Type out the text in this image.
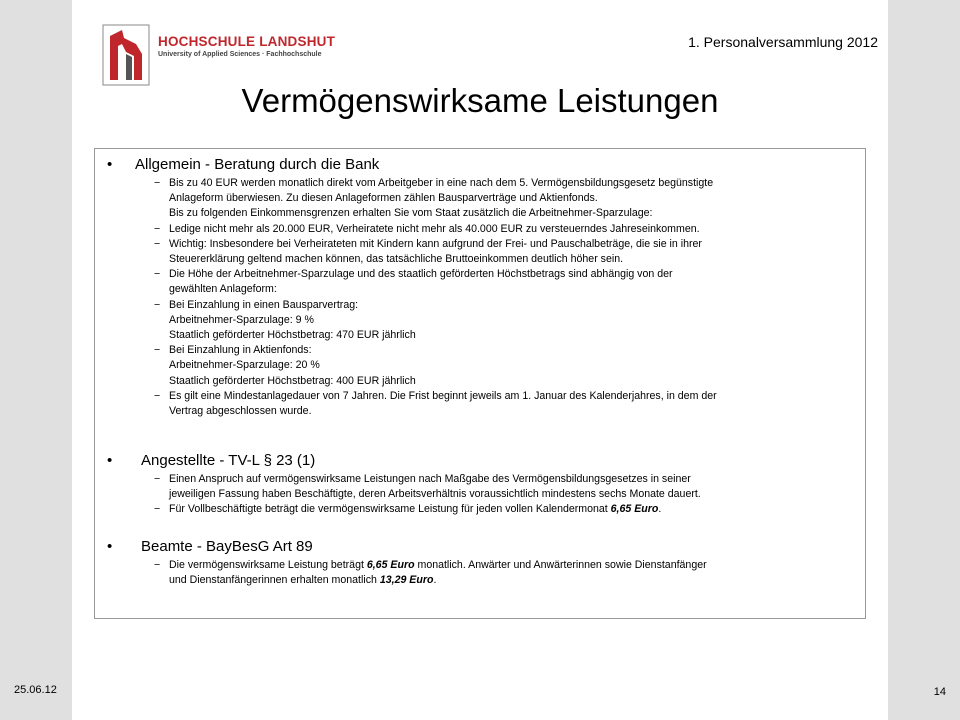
HOCHSCHULE LANDSHUT
University of Applied Sciences · Fachhochschule
1. Personalversammlung 2012
Vermögenswirksame Leistungen
• Allgemein - Beratung durch die Bank
− Bis zu 40 EUR werden monatlich direkt vom Arbeitgeber in eine nach dem 5. Vermögensbildungsgesetz begünstigte
Anlageform überwiesen. Zu diesen Anlageformen zählen Bausparverträge und Aktienfonds.
Bis zu folgenden Einkommensgrenzen erhalten Sie vom Staat zusätzlich die Arbeitnehmer-Sparzulage:
− Ledige nicht mehr als 20.000 EUR, Verheiratete nicht mehr als 40.000 EUR zu versteuerndes Jahreseinkommen.
− Wichtig: Insbesondere bei Verheirateten mit Kindern kann aufgrund der Frei- und Pauschalbeträge, die sie in ihrer
Steuererklärung geltend machen können, das tatsächliche Bruttoeinkommen deutlich höher sein.
− Die Höhe der Arbeitnehmer-Sparzulage und des staatlich geförderten Höchstbetrags sind abhängig von der
gewählten Anlageform:
− Bei Einzahlung in einen Bausparvertrag:
Arbeitnehmer-Sparzulage: 9 %
Staatlich geförderter Höchstbetrag: 470 EUR jährlich
− Bei Einzahlung in Aktienfonds:
Arbeitnehmer-Sparzulage: 20 %
Staatlich geförderter Höchstbetrag: 400 EUR jährlich
− Es gilt eine Mindestanlagedauer von 7 Jahren. Die Frist beginnt jeweils am 1. Januar des Kalenderjahres, in dem der
Vertrag abgeschlossen wurde.
• Angestellte - TV-L § 23 (1)
− Einen Anspruch auf vermögenswirksame Leistungen nach Maßgabe des Vermögensbildungsgesetzes in seiner
jeweiligen Fassung haben Beschäftigte, deren Arbeitsverhältnis voraussichtlich mindestens sechs Monate dauert.
− Für Vollbeschäftigte beträgt die vermögenswirksame Leistung für jeden vollen Kalendermonat 6,65 Euro.
• Beamte - BayBesG Art 89
− Die vermögenswirksame Leistung beträgt 6,65 Euro monatlich. Anwärter und Anwärterinnen sowie Dienstanfänger
und Dienstanfängerinnen erhalten monatlich 13,29 Euro.
25.06.12	14
